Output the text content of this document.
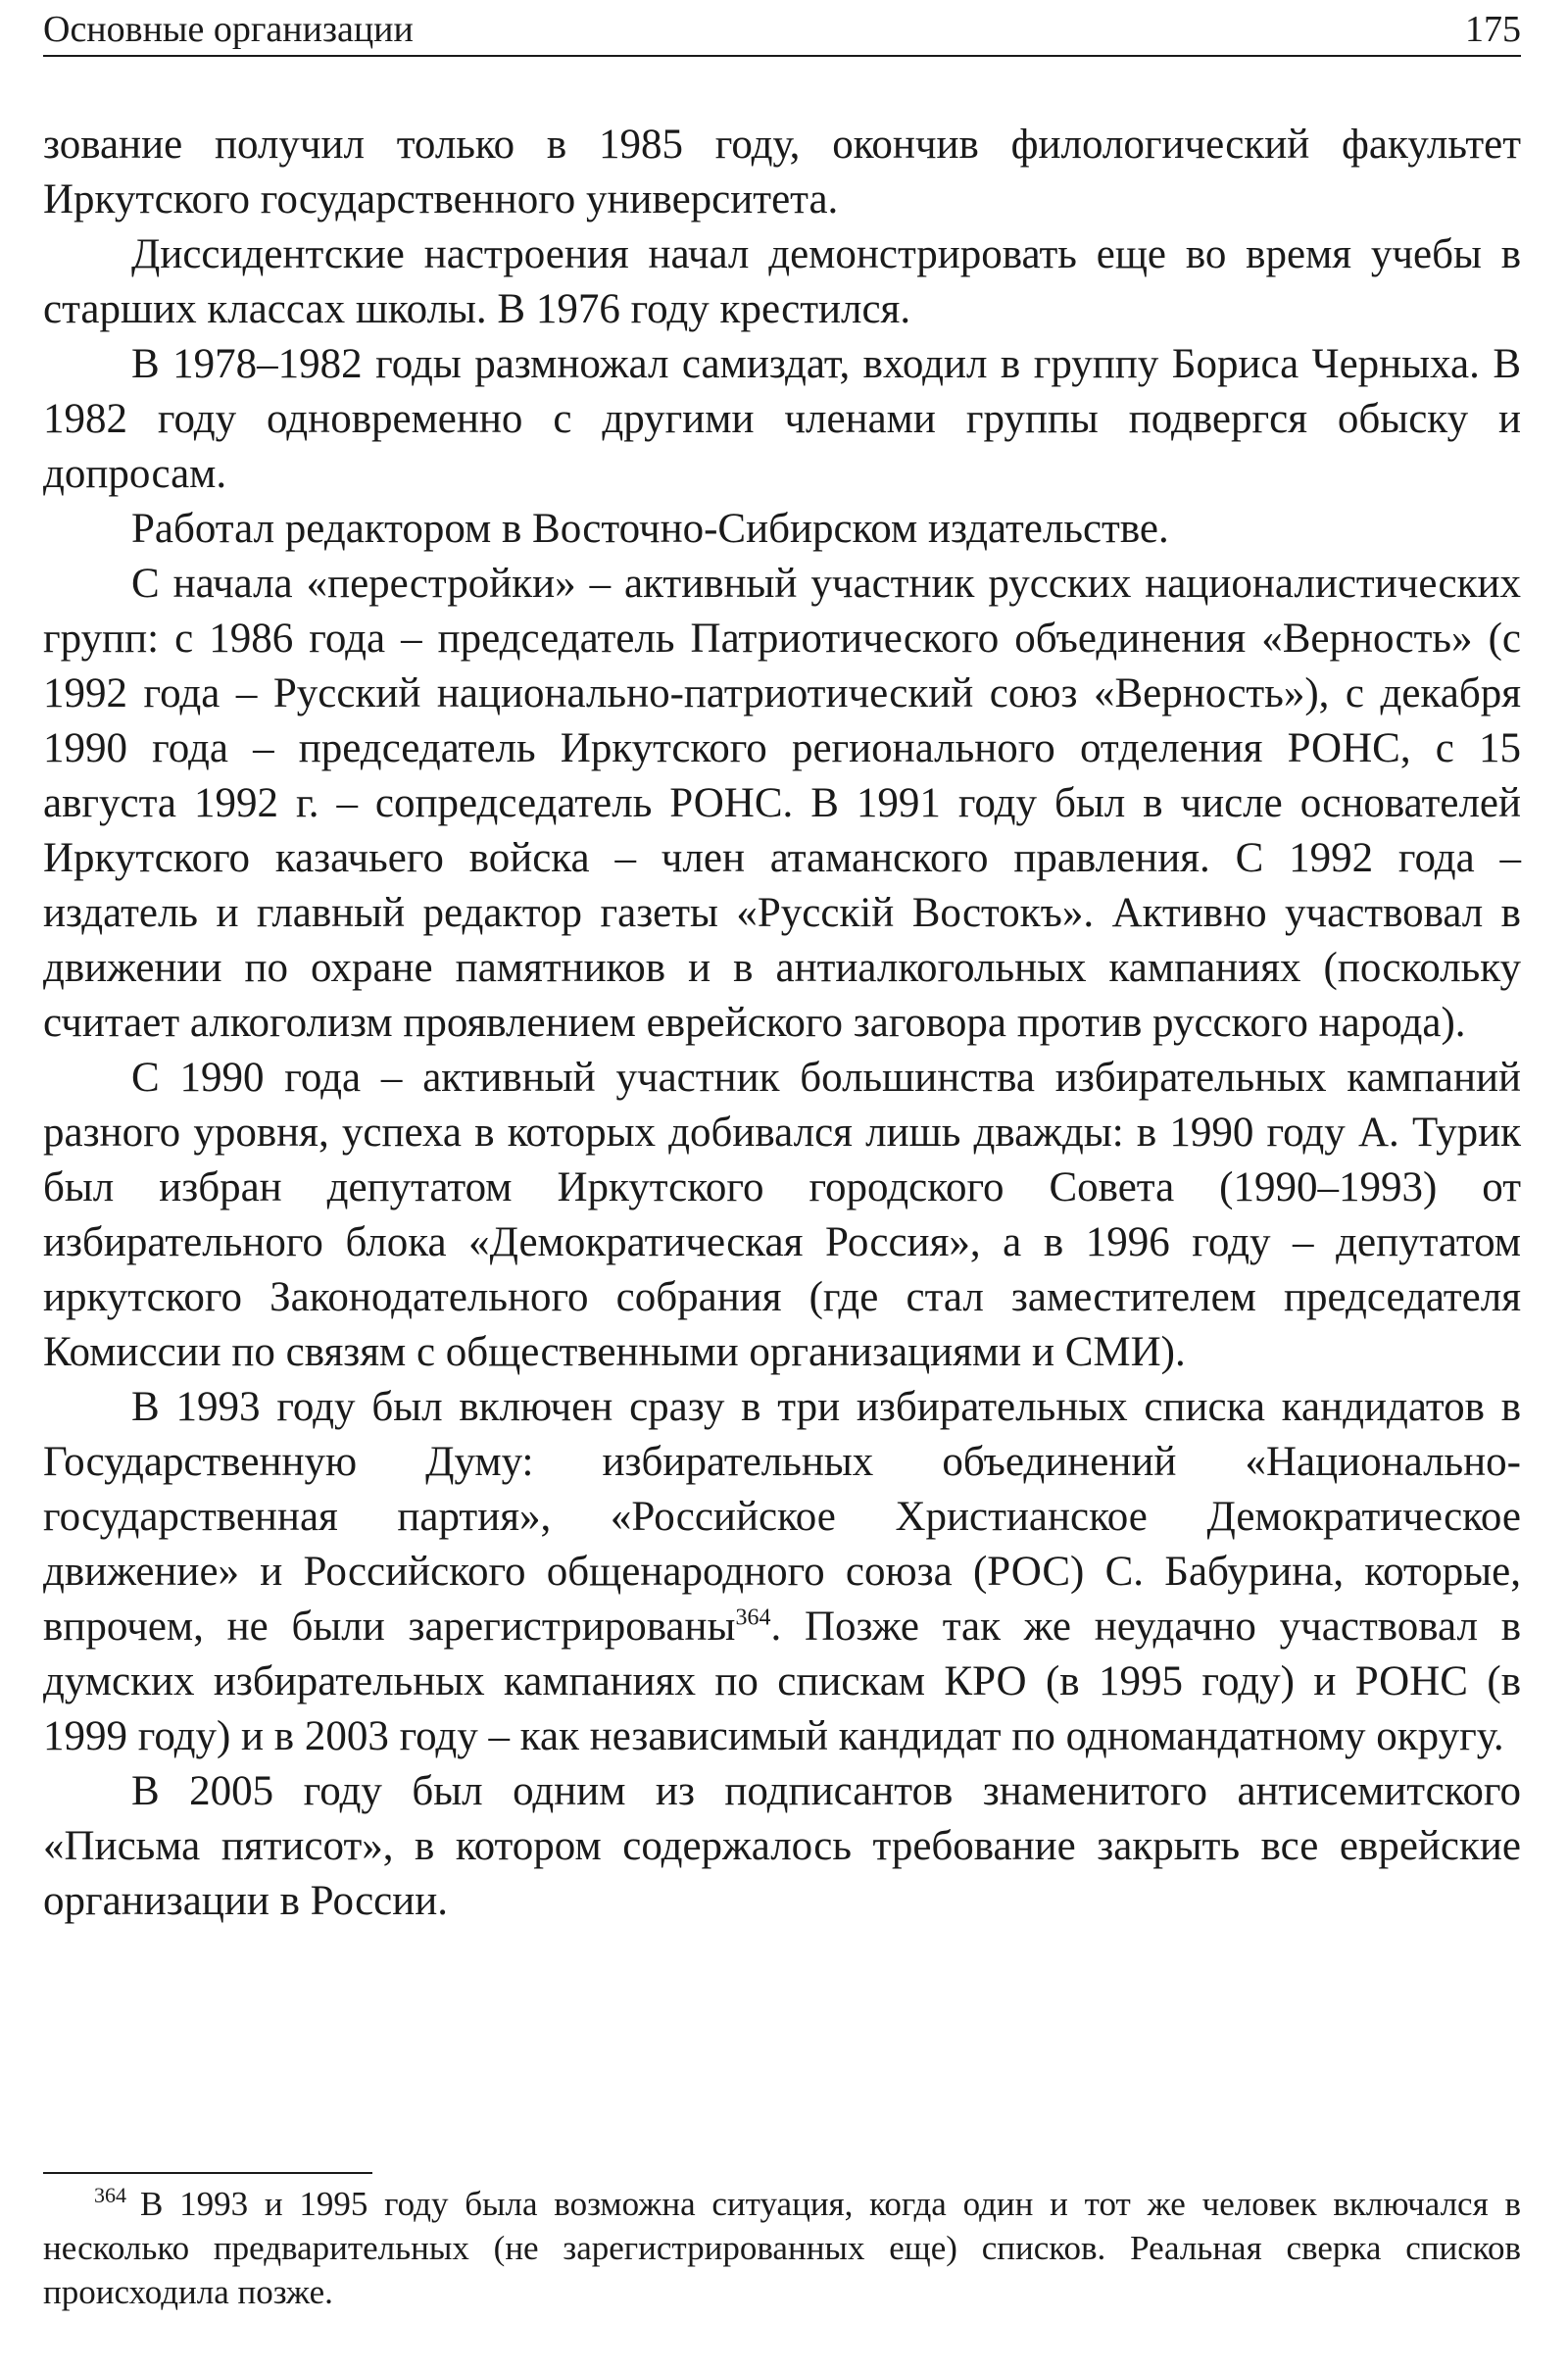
Основные организации	175

зование получил только в 1985 году, окончив филологический факультет Иркутского государственного университета.

Диссидентские настроения начал демонстрировать еще во время учебы в старших классах школы. В 1976 году крестился.

В 1978–1982 годы размножал самиздат, входил в группу Бориса Черныха. В 1982 году одновременно с другими членами группы подвергся обыску и допросам.

Работал редактором в Восточно-Сибирском издательстве.

С начала «перестройки» – активный участник русских националистических групп: с 1986 года – председатель Патриотического объединения «Верность» (с 1992 года – Русский национально-патриотический союз «Верность»), с декабря 1990 года – председатель Иркутского регионального отделения РОНС, с 15 августа 1992 г. – сопредседатель РОНС. В 1991 году был в числе основателей Иркутского казачьего войска – член атаманского правления. С 1992 года – издатель и главный редактор газеты «Русскiй Востокъ». Активно участвовал в движении по охране памятников и в антиалкогольных кампаниях (поскольку считает алкоголизм проявлением еврейского заговора против русского народа).

С 1990 года – активный участник большинства избирательных кампаний разного уровня, успеха в которых добивался лишь дважды: в 1990 году А. Турик был избран депутатом Иркутского городского Совета (1990–1993) от избирательного блока «Демократическая Россия», а в 1996 году – депутатом иркутского Законодательного собрания (где стал заместителем председателя Комиссии по связям с общественными организациями и СМИ).

В 1993 году был включен сразу в три избирательных списка кандидатов в Государственную Думу: избирательных объединений «Национально-государственная партия», «Российское Христианское Демократическое движение» и Российского общенародного союза (РОС) С. Бабурина, которые, впрочем, не были зарегистрированы$^{364}$. Позже так же неудачно участвовал в думских избирательных кампаниях по спискам КРО (в 1995 году) и РОНС (в 1999 году) и в 2003 году – как независимый кандидат по одномандатному округу.

В 2005 году был одним из подписантов знаменитого антисемитского «Письма пятисот», в котором содержалось требование закрыть все еврейские организации в России.

$^{364}$ В 1993 и 1995 году была возможна ситуация, когда один и тот же человек включался в несколько предварительных (не зарегистрированных еще) списков. Реальная сверка списков происходила позже.
